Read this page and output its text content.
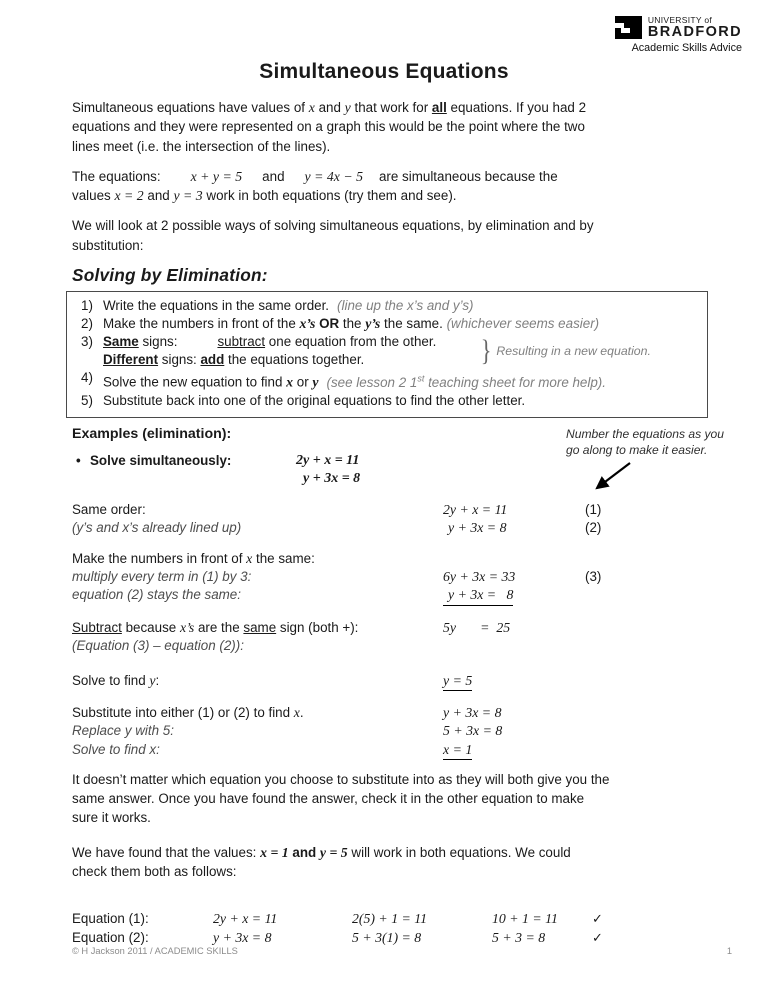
UNIVERSITY of
BRADFORD
Academic Skills Advice
Simultaneous Equations

Simultaneous equations have values of x and y that work for all equations. If you had 2
equations and they were represented on a graph this would be the point where the two
lines meet (i.e. the intersection of the lines).

The equations: x + y = 5 and y = 4x − 5 are simultaneous because the
values x = 2 and y = 3 work in both equations (try them and see).

We will look at 2 possible ways of solving simultaneous equations, by elimination and by
substitution:

Solving by Elimination:
1) Write the equations in the same order. (line up the x’s and y’s)
2) Make the numbers in front of the x’s OR the y’s the same. (whichever seems easier)
3) Same signs:	subtract one equation from the other.
Different signs: add the equations together.	} Resulting in a new equation.
4) Solve the new equation to find x or y (see lesson 2 1st teaching sheet for more help).
5) Substitute back into one of the original equations to find the other letter.
Examples (elimination):
• Solve simultaneously:	2y + x = 11
y + 3x = 8
Same order:	2y + x = 11	(1)
(y’s and x’s already lined up)	y + 3x = 8	(2)
Make the numbers in front of x the same:
multiply every term in (1) by 3:	6y + 3x = 33	(3)
equation (2) stays the same:	y + 3x =   8
Subtract because x’s are the same sign (both +):	5y       =  25
(Equation (3) – equation (2)):
Solve to find y:	y = 5
Substitute into either (1) or (2) to find x.	y + 3x = 8
Replace y with 5:	5 + 3x = 8
Solve to find x:	x = 1

It doesn’t matter which equation you choose to substitute into as they will both give you the
same answer. Once you have found the answer, check it in the other equation to make
sure it works.

We have found that the values: x = 1 and y = 5 will work in both equations. We could
check them both as follows:

Equation (1):	2y + x = 11	2(5) + 1 = 11	10 + 1 = 11	✓
Equation (2):	y + 3x = 8	5 + 3(1) = 8	5 + 3 = 8	✓
Number the equations as you
go along to make it easier.
© H Jackson 2011 / ACADEMIC SKILLS	1
